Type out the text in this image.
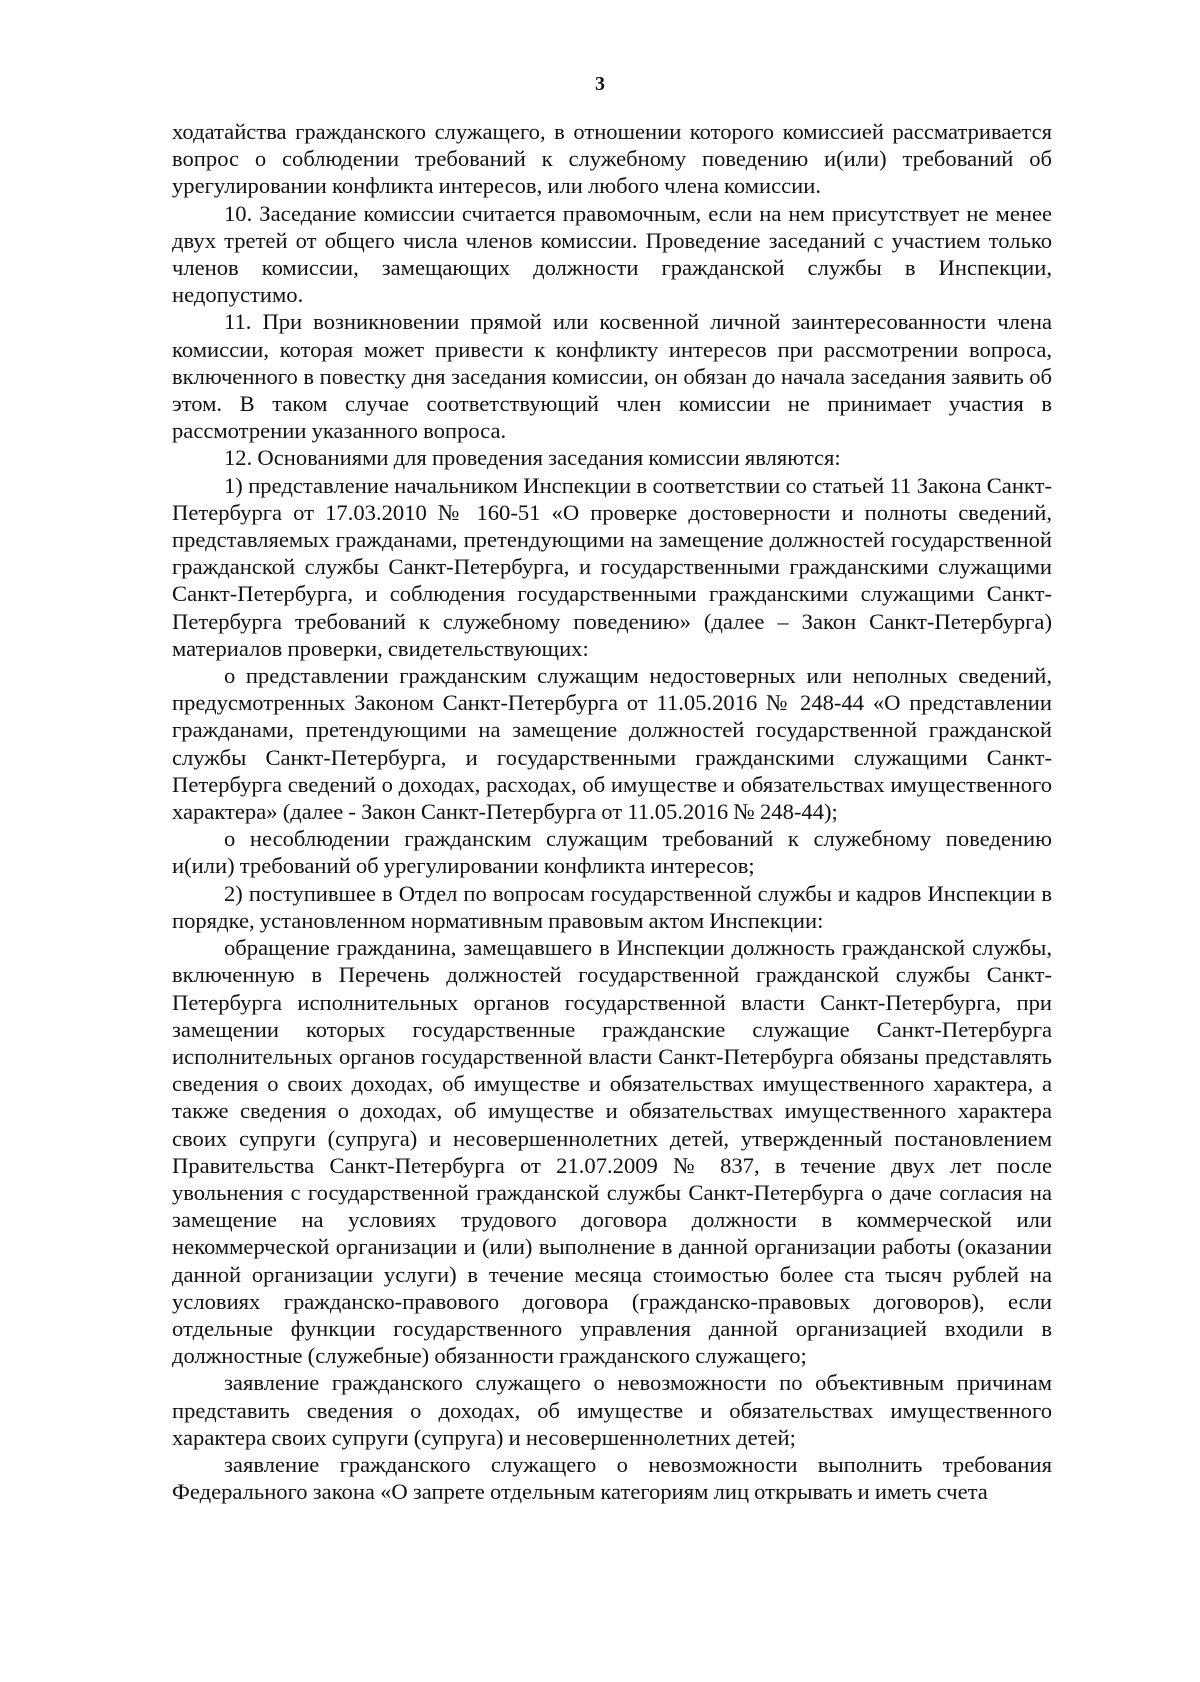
3

ходатайства гражданского служащего, в отношении которого комиссией рассматривается вопрос о соблюдении требований к служебному поведению и(или) требований об урегулировании конфликта интересов, или любого члена комиссии.

10. Заседание комиссии считается правомочным, если на нем присутствует не менее двух третей от общего числа членов комиссии. Проведение заседаний с участием только членов комиссии, замещающих должности гражданской службы в Инспекции, недопустимо.

11. При возникновении прямой или косвенной личной заинтересованности члена комиссии, которая может привести к конфликту интересов при рассмотрении вопроса, включенного в повестку дня заседания комиссии, он обязан до начала заседания заявить об этом. В таком случае соответствующий член комиссии не принимает участия в рассмотрении указанного вопроса.

12. Основаниями для проведения заседания комиссии являются:

1) представление начальником Инспекции в соответствии со статьей 11 Закона Санкт-Петербурга от 17.03.2010 № 160-51 «О проверке достоверности и полноты сведений, представляемых гражданами, претендующими на замещение должностей государственной гражданской службы Санкт-Петербурга, и государственными гражданскими служащими Санкт-Петербурга, и соблюдения государственными гражданскими служащими Санкт-Петербурга требований к служебному поведению» (далее – Закон Санкт-Петербурга) материалов проверки, свидетельствующих:

о представлении гражданским служащим недостоверных или неполных сведений, предусмотренных Законом Санкт-Петербурга от 11.05.2016 № 248-44 «О представлении гражданами, претендующими на замещение должностей государственной гражданской службы Санкт-Петербурга, и государственными гражданскими служащими Санкт-Петербурга сведений о доходах, расходах, об имуществе и обязательствах имущественного характера» (далее - Закон Санкт-Петербурга от 11.05.2016 № 248-44);

о несоблюдении гражданским служащим требований к служебному поведению и(или) требований об урегулировании конфликта интересов;

2) поступившее в Отдел по вопросам государственной службы и кадров Инспекции в порядке, установленном нормативным правовым актом Инспекции:

обращение гражданина, замещавшего в Инспекции должность гражданской службы, включенную в Перечень должностей государственной гражданской службы Санкт-Петербурга исполнительных органов государственной власти Санкт-Петербурга, при замещении которых государственные гражданские служащие Санкт-Петербурга исполнительных органов государственной власти Санкт-Петербурга обязаны представлять сведения о своих доходах, об имуществе и обязательствах имущественного характера, а также сведения о доходах, об имуществе и обязательствах имущественного характера своих супруги (супруга) и несовершеннолетних детей, утвержденный постановлением Правительства Санкт-Петербурга от 21.07.2009 № 837, в течение двух лет после увольнения с государственной гражданской службы Санкт-Петербурга о даче согласия на замещение на условиях трудового договора должности в коммерческой или некоммерческой организации и (или) выполнение в данной организации работы (оказании данной организации услуги) в течение месяца стоимостью более ста тысяч рублей на условиях гражданско-правового договора (гражданско-правовых договоров), если отдельные функции государственного управления данной организацией входили в должностные (служебные) обязанности гражданского служащего;

заявление гражданского служащего о невозможности по объективным причинам представить сведения о доходах, об имуществе и обязательствах имущественного характера своих супруги (супруга) и несовершеннолетних детей;

заявление гражданского служащего о невозможности выполнить требования Федерального закона «О запрете отдельным категориям лиц открывать и иметь счета
